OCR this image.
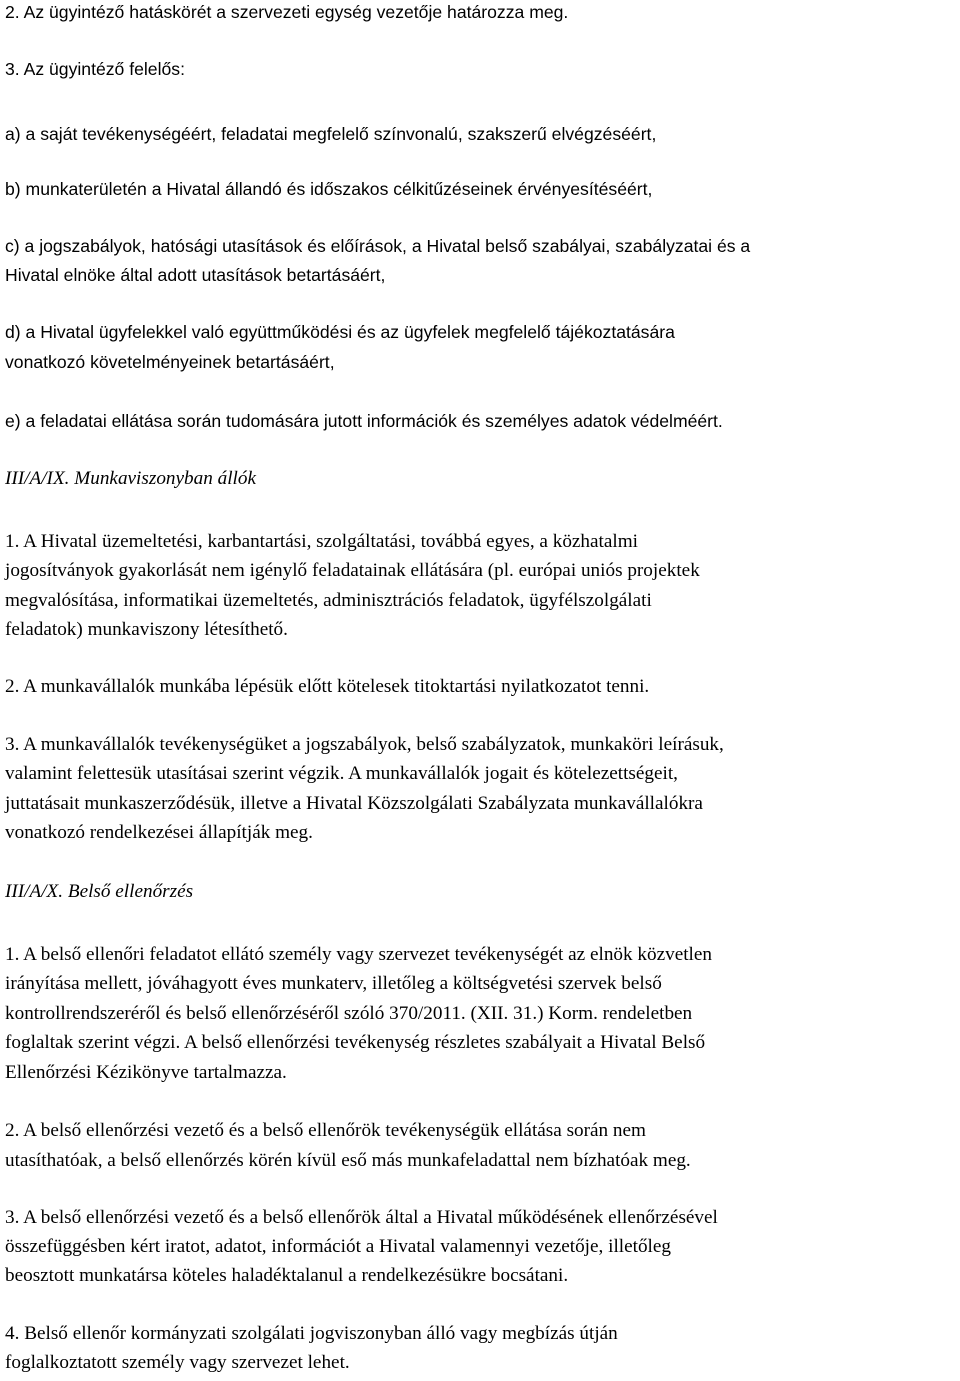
2. Az ügyintéző hatáskörét a szervezeti egység vezetője határozza meg.
3. Az ügyintéző felelős:
a) a saját tevékenységéért, feladatai megfelelő színvonalú, szakszerű elvégzéséért,
b) munkaterületén a Hivatal állandó és időszakos célkitűzéseinek érvényesítéséért,
c) a jogszabályok, hatósági utasítások és előírások, a Hivatal belső szabályai, szabályzatai és a
Hivatal elnöke által adott utasítások betartásáért,
d) a Hivatal ügyfelekkel való együttműködési és az ügyfelek megfelelő tájékoztatására
vonatkozó követelményeinek betartásáért,
e) a feladatai ellátása során tudomására jutott információk és személyes adatok védelméért.
III/A/IX. Munkaviszonyban állók
1. A Hivatal üzemeltetési, karbantartási, szolgáltatási, továbbá egyes, a közhatalmi
jogosítványok gyakorlását nem igénylő feladatainak ellátására (pl. európai uniós projektek
megvalósítása, informatikai üzemeltetés, adminisztrációs feladatok, ügyfélszolgálati
feladatok) munkaviszony létesíthető.
2. A munkavállalók munkába lépésük előtt kötelesek titoktartási nyilatkozatot tenni.
3. A munkavállalók tevékenységüket a jogszabályok, belső szabályzatok, munkaköri leírásuk,
valamint felettesük utasításai szerint végzik. A munkavállalók jogait és kötelezettségeit,
juttatásait munkaszerződésük, illetve a Hivatal Közszolgálati Szabályzata munkavállalókra
vonatkozó rendelkezései állapítják meg.
III/A/X. Belső ellenőrzés
1. A belső ellenőri feladatot ellátó személy vagy szervezet tevékenységét az elnök közvetlen
irányítása mellett, jóváhagyott éves munkaterv, illetőleg a költségvetési szervek belső
kontrollrendszeréről és belső ellenőrzéséről szóló 370/2011. (XII. 31.) Korm. rendeletben
foglaltak szerint végzi. A belső ellenőrzési tevékenység részletes szabályait a Hivatal Belső
Ellenőrzési Kézikönyve tartalmazza.
2. A belső ellenőrzési vezető és a belső ellenőrök tevékenységük ellátása során nem
utasíthatóak, a belső ellenőrzés körén kívül eső más munkafeladattal nem bízhatóak meg.
3. A belső ellenőrzési vezető és a belső ellenőrök által a Hivatal működésének ellenőrzésével
összefüggésben kért iratot, adatot, információt a Hivatal valamennyi vezetője, illetőleg
beosztott munkatársa köteles haladéktalanul a rendelkezésükre bocsátani.
4. Belső ellenőr kormányzati szolgálati jogviszonyban álló vagy megbízás útján
foglalkoztatott személy vagy szervezet lehet.
